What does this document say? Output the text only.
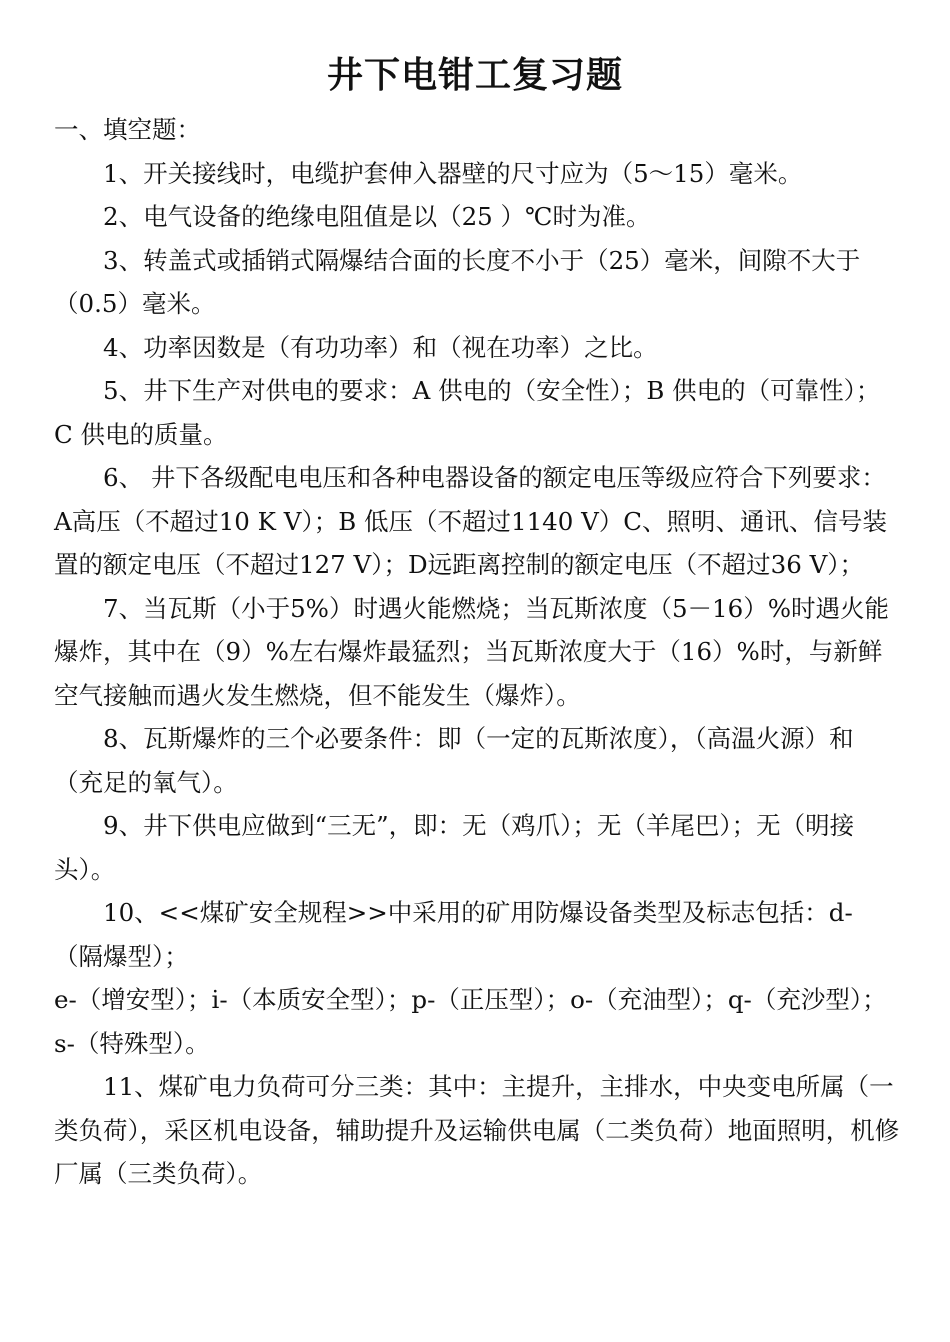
井下电钳工复习题

一、填空题：

1、开关接线时，电缆护套伸入器壁的尺寸应为（5～15）毫米。

2、电气设备的绝缘电阻值是以（25 ）℃时为准。

3、转盖式或插销式隔爆结合面的长度不小于（25）毫米，间隙不大于（0.5）毫米。

4、功率因数是（有功功率）和（视在功率）之比。

5、井下生产对供电的要求：A 供电的（安全性）；B 供电的（可靠性）； C 供电的质量。

6、 井下各级配电电压和各种电器设备的额定电压等级应符合下列要求： A高压（不超过10 K V）；B 低压（不超过1140 V）C、照明、通讯、信号装置的额定电压（不超过127 V）；D远距离控制的额定电压（不超过36 V）；

7、当瓦斯（小于5%）时遇火能燃烧；当瓦斯浓度（5－16）%时遇火能爆炸，其中在（9）%左右爆炸最猛烈；当瓦斯浓度大于（16）%时，与新鲜空气接触而遇火发生燃烧，但不能发生（爆炸）。

8、瓦斯爆炸的三个必要条件：即（一定的瓦斯浓度），（高温火源）和（充足的氧气）。

9、井下供电应做到“三无”，即：无（鸡爪）；无（羊尾巴）；无（明接头）。

10、<<煤矿安全规程>>中采用的矿用防爆设备类型及标志包括：d-（隔爆型）；

e-（增安型）；i-（本质安全型）；p-（正压型）；o-（充油型）；q-（充沙型）；s-（特殊型）。

11、煤矿电力负荷可分三类：其中：主提升，主排水，中央变电所属（一类负荷），采区机电设备，辅助提升及运输供电属（二类负荷）地面照明，机修厂属（三类负荷）。
